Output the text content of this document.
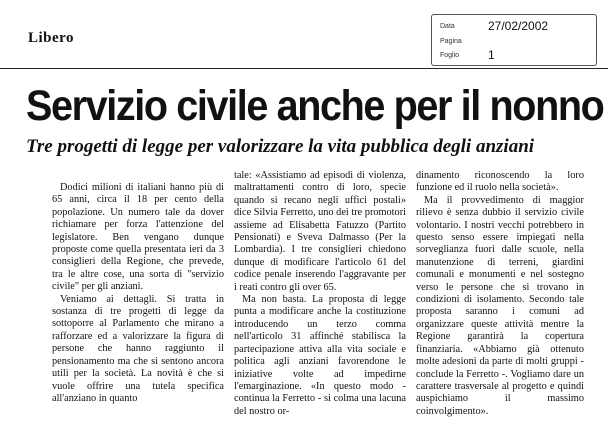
Libero
Data	27/02/2002
Pagina
Foglio 1
Servizio civile anche per il nonno
Tre progetti di legge per valorizzare la vita pubblica degli anziani

Dodici milioni di italiani hanno più di 65 anni, circa il 18 per cento della popolazione. Un numero tale da dover richiamare per forza l'attenzione del legislatore. Ben vengano dunque proposte come quella presentata ieri da 3 consiglieri della Regione, che prevede, tra le altre cose, una sorta di "servizio civile" per gli anziani.

Veniamo ai dettagli. Si tratta in sostanza di tre progetti di legge da sottoporre al Parlamento che mirano a rafforzare ed a valorizzare la figura di persone che hanno raggiunto il pensionamento ma che si sentono ancora utili per la società. La novità è che si vuole offrire una tutela specifica all'anziano in quanto

tale: «Assistiamo ad episodi di violenza, maltrattamenti contro di loro, specie quando si recano negli uffici postali» dice Silvia Ferretto, uno dei tre promotori assieme ad Elisabetta Fatuzzo (Partito Pensionati) e Sveva Dalmasso (Per la Lombardia). I tre consiglieri chiedono dunque di modificare l'articolo 61 del codice penale inserendo l'aggravante per i reati contro gli over 65.

Ma non basta. La proposta di legge punta a modificare anche la costituzione introducendo un terzo comma nell'articolo 31 affinché stabilisca la partecipazione attiva alla vita sociale e politica agli anziani favorendone le iniziative volte ad impedirne l'emarginazione. «In questo modo - continua la Ferretto - si colma una lacuna del nostro or-

dinamento riconoscendo la loro funzione ed il ruolo nella società».

Ma il provvedimento di maggior rilievo è senza dubbio il servizio civile volontario. I nostri vecchi potrebbero in questo senso essere impiegati nella sorveglianza fuori dalle scuole, nella manutenzione di terreni, giardini comunali e monumenti e nel sostegno verso le persone che si trovano in condizioni di isolamento. Secondo tale proposta saranno i comuni ad organizzare queste attività mentre la Regione garantirà la copertura finanziaria. «Abbiamo già ottenuto molte adesioni da parte di molti gruppi - conclude la Ferretto -. Vogliamo dare un carattere trasversale al progetto e quindi auspichiamo il massimo coinvolgimento».
